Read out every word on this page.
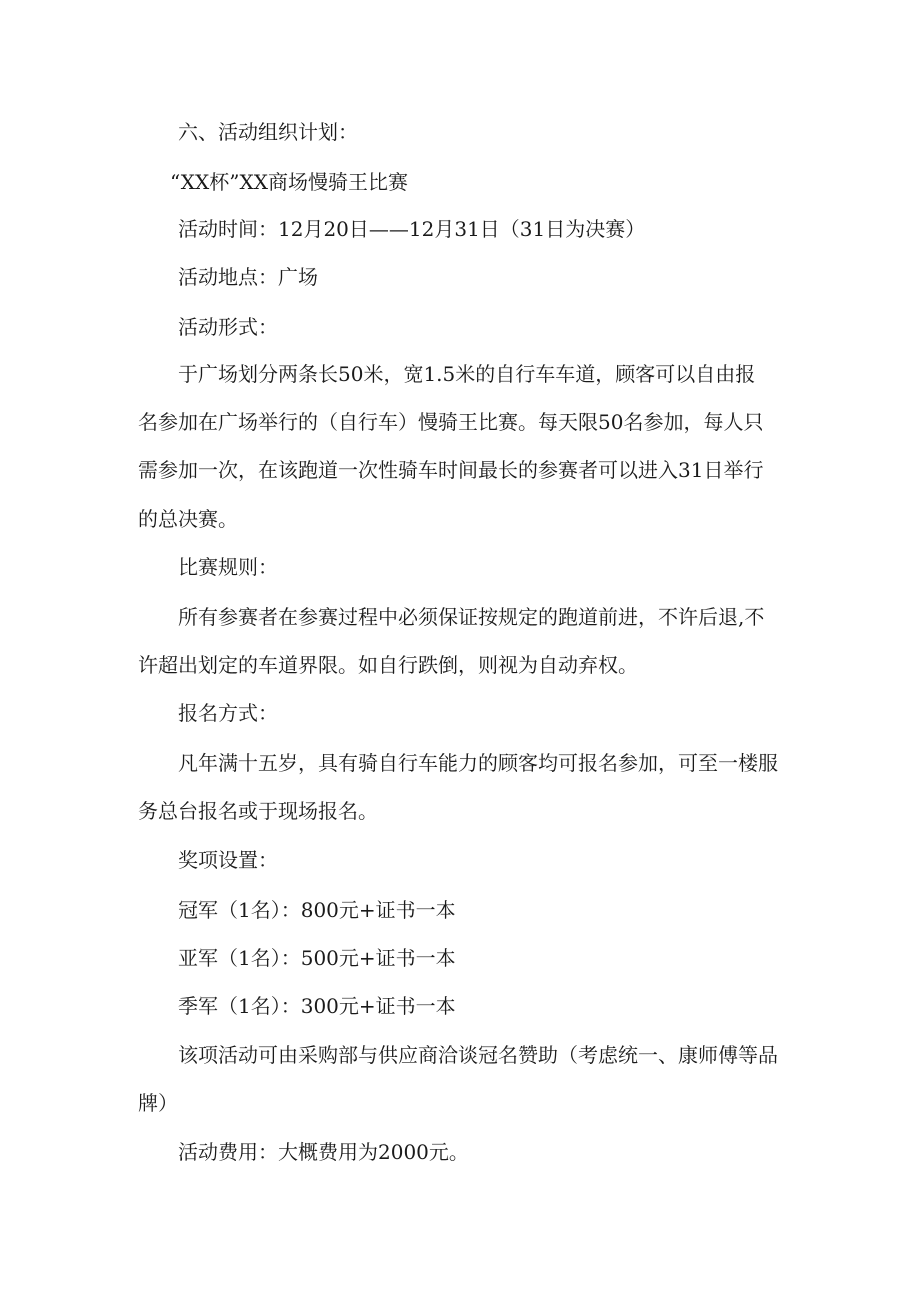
六、活动组织计划：
“XX杯”XX商场慢骑王比赛
活动时间：12月20日——12月31日（31日为决赛）
活动地点：广场
活动形式：
于广场划分两条长50米，宽1.5米的自行车车道，顾客可以自由报
名参加在广场举行的（自行车）慢骑王比赛。每天限50名参加，每人只
需参加一次，在该跑道一次性骑车时间最长的参赛者可以进入31日举行
的总决赛。
比赛规则：
所有参赛者在参赛过程中必须保证按规定的跑道前进，不许后退,不
许超出划定的车道界限。如自行跌倒，则视为自动弃权。
报名方式：
凡年满十五岁，具有骑自行车能力的顾客均可报名参加，可至一楼服
务总台报名或于现场报名。
奖项设置：
冠军（1名）：800元+证书一本
亚军（1名）：500元+证书一本
季军（1名）：300元+证书一本
该项活动可由采购部与供应商洽谈冠名赞助（考虑统一、康师傅等品
牌）
活动费用：大概费用为2000元。
